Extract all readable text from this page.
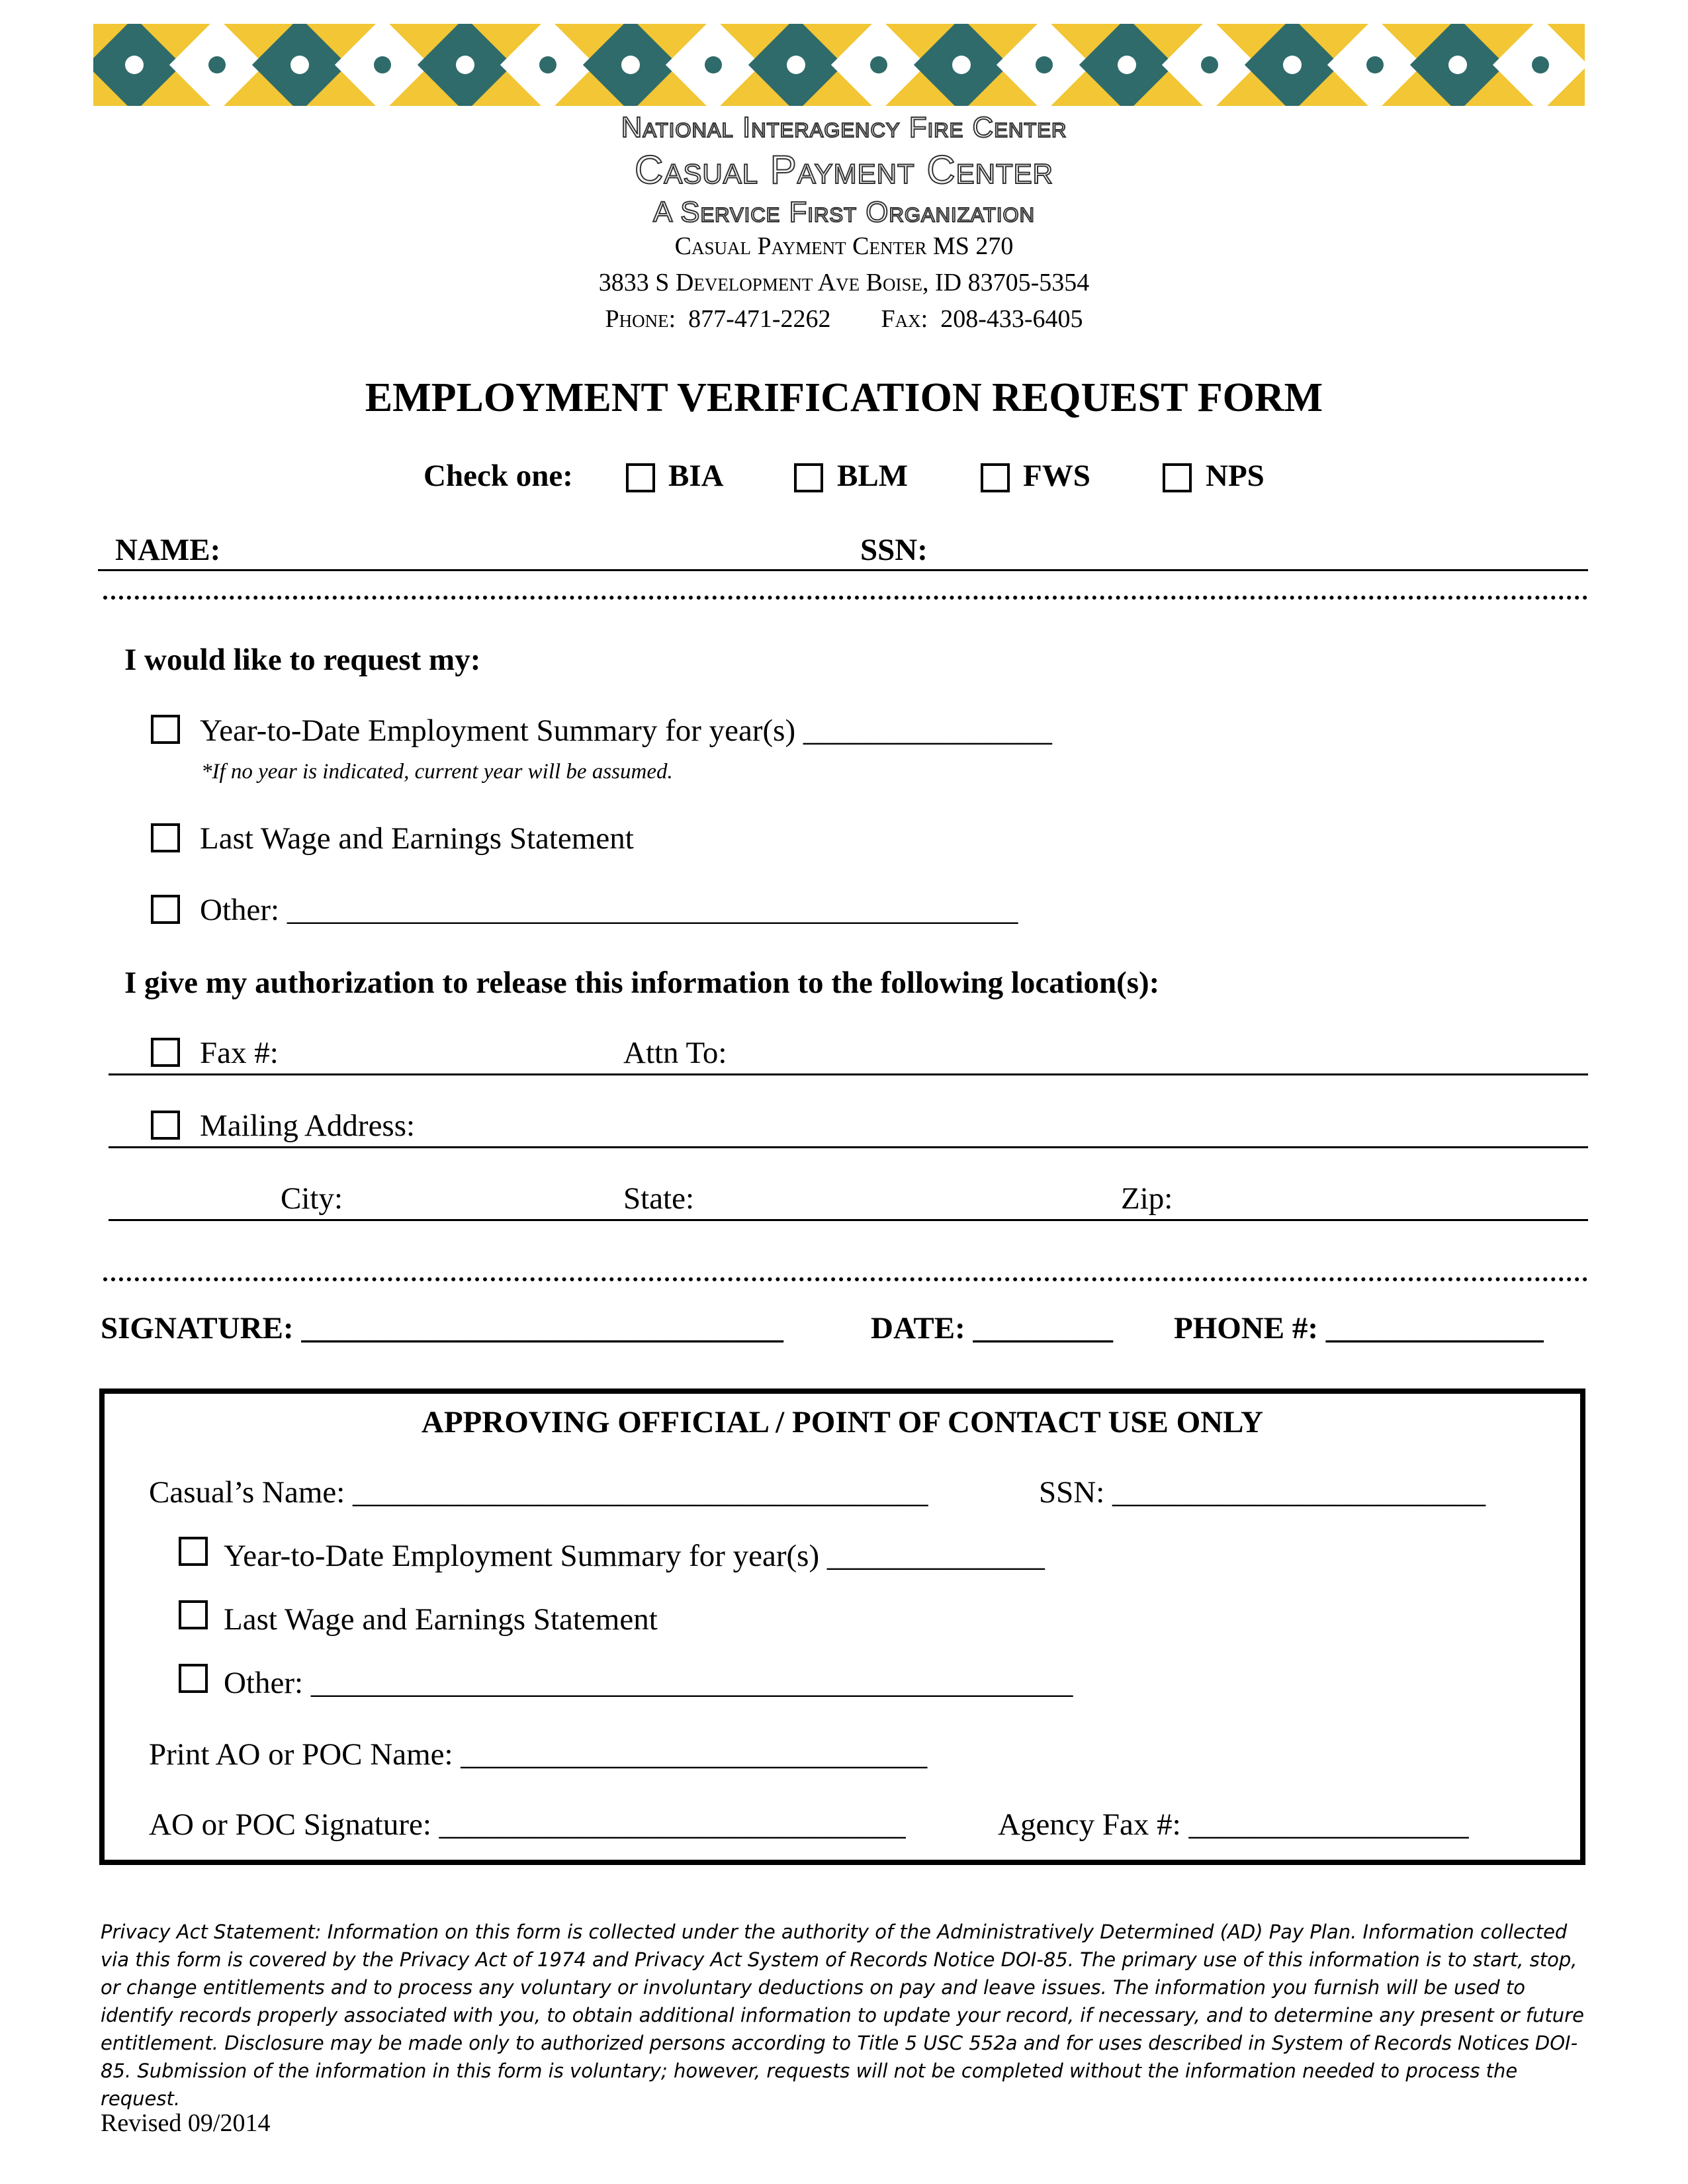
National Interagency Fire Center
Casual Payment Center
A Service First Organization
Casual Payment Center MS 270
3833 S Development Ave Boise, ID 83705-5354
Phone: 877-471-2262 Fax: 208-433-6405
EMPLOYMENT VERIFICATION REQUEST FORM
Check one:	BIA	BLM	FWS	NPS
NAME:	SSN:
I would like to request my:
Year-to-Date Employment Summary for year(s) ________________
*If no year is indicated, current year will be assumed.
Last Wage and Earnings Statement
Other: _______________________________________________
I give my authorization to release this information to the following location(s):
Fax #:	Attn To:
Mailing Address:
City:	State:	Zip:
SIGNATURE: _______________________________	DATE: _________ PHONE #: ______________
APPROVING OFFICIAL / POINT OF CONTACT USE ONLY
Casual’s Name: _____________________________________	SSN: ________________________
Year-to-Date Employment Summary for year(s) ______________
Last Wage and Earnings Statement
Other: _________________________________________________
Print AO or POC Name: ______________________________
AO or POC Signature: ______________________________	Agency Fax #: __________________
Privacy Act Statement: Information on this form is collected under the authority of the Administratively Determined (AD) Pay Plan. Information collected via this form is covered by the Privacy Act of 1974 and Privacy Act System of Records Notice DOI-85. The primary use of this information is to start, stop, or change entitlements and to process any voluntary or involuntary deductions on pay and leave issues. The information you furnish will be used to identify records properly associated with you, to obtain additional information to update your record, if necessary, and to determine any present or future entitlement. Disclosure may be made only to authorized persons according to Title 5 USC 552a and for uses described in System of Records Notices DOI-85. Submission of the information in this form is voluntary; however, requests will not be completed without the information needed to process the request.
Revised 09/2014
